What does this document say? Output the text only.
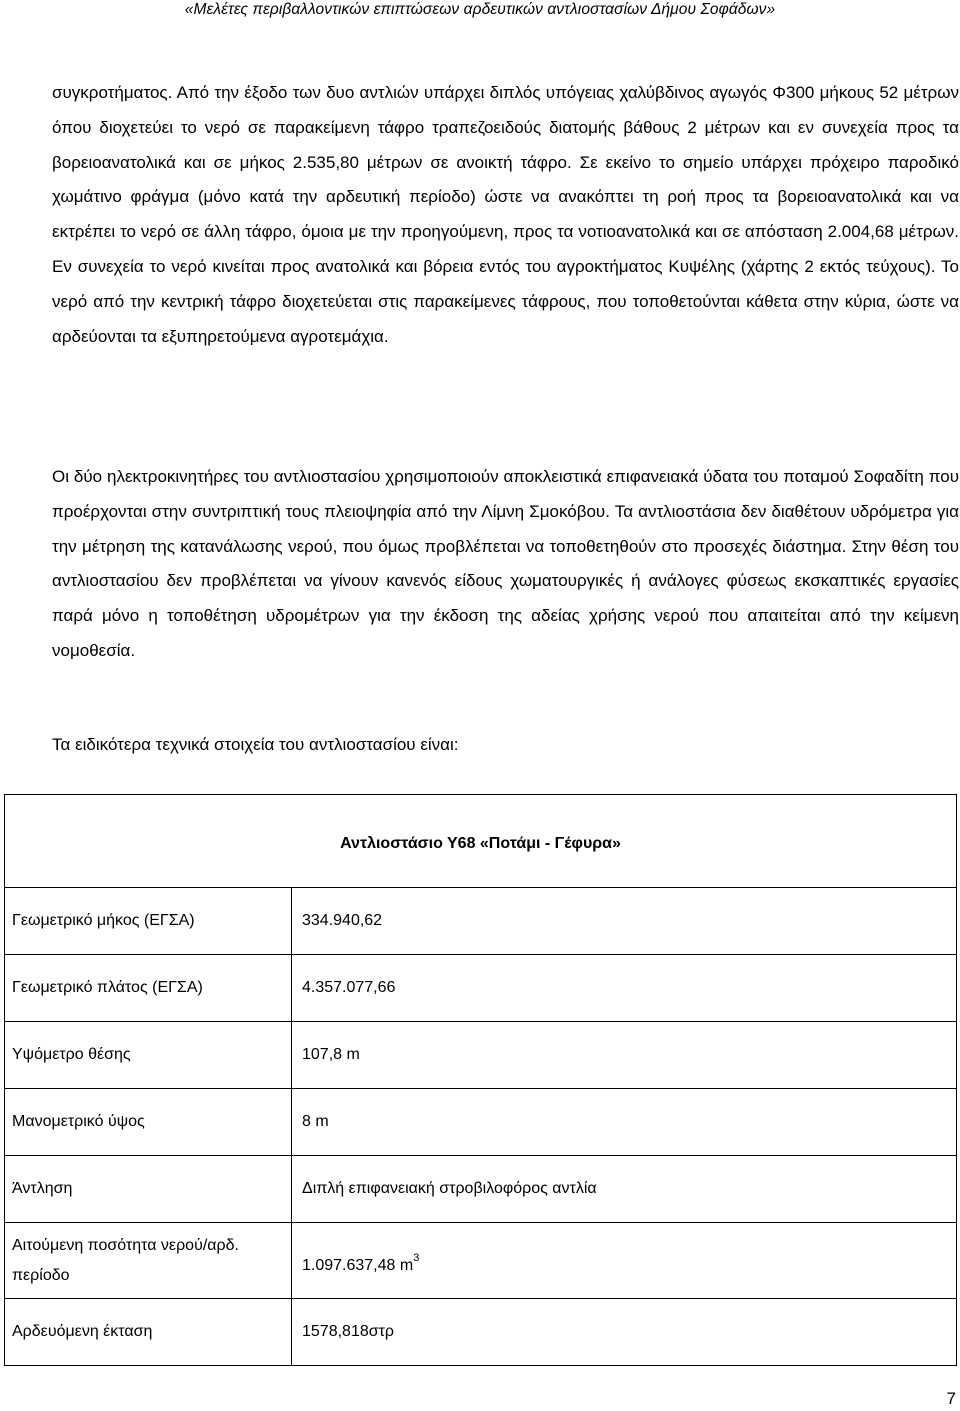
«Μελέτες περιβαλλοντικών επιπτώσεων αρδευτικών αντλιοστασίων Δήμου Σοφάδων»

συγκροτήματος. Από την έξοδο των δυο αντλιών υπάρχει διπλός υπόγειας χαλύβδινος αγωγός Φ300 μήκους 52 μέτρων όπου διοχετεύει το νερό σε παρακείμενη τάφρο τραπεζοειδούς διατομής βάθους 2 μέτρων και εν συνεχεία προς τα βορειοανατολικά και σε μήκος 2.535,80 μέτρων σε ανοικτή τάφρο. Σε εκείνο το σημείο υπάρχει πρόχειρο παροδικό χωμάτινο φράγμα (μόνο κατά την αρδευτική περίοδο) ώστε να ανακόπτει τη ροή προς τα βορειοανατολικά και να εκτρέπει το νερό σε άλλη τάφρο, όμοια με την προηγούμενη, προς τα νοτιοανατολικά και σε απόσταση 2.004,68 μέτρων. Εν συνεχεία το νερό κινείται προς ανατολικά και βόρεια εντός του αγροκτήματος Κυψέλης (χάρτης 2 εκτός τεύχους). Το νερό από την κεντρική τάφρο διοχετεύεται στις παρακείμενες τάφρους, που τοποθετούνται κάθετα στην κύρια, ώστε να αρδεύονται τα εξυπηρετούμενα αγροτεμάχια.

Οι δύο ηλεκτροκινητήρες του αντλιοστασίου χρησιμοποιούν αποκλειστικά επιφανειακά ύδατα του ποταμού Σοφαδίτη που προέρχονται στην συντριπτική τους πλειοψηφία από την Λίμνη Σμοκόβου. Τα αντλιοστάσια δεν διαθέτουν υδρόμετρα για την μέτρηση της κατανάλωσης νερού, που όμως προβλέπεται να τοποθετηθούν στο προσεχές διάστημα. Στην θέση του αντλιοστασίου δεν προβλέπεται να γίνουν κανενός είδους χωματουργικές ή ανάλογες φύσεως εκσκαπτικές εργασίες παρά μόνο η τοποθέτηση υδρομέτρων για την έκδοση της αδείας χρήσης νερού που απαιτείται από την κείμενη νομοθεσία.

Τα ειδικότερα τεχνικά στοιχεία του αντλιοστασίου είναι:

Αντλιοστάσιο Υ68 «Ποτάμι - Γέφυρα»	
Γεωμετρικό μήκος (ΕΓΣΑ)	334.940,62
Γεωμετρικό πλάτος (ΕΓΣΑ)	4.357.077,66
Υψόμετρο θέσης	107,8 m
Μανομετρικό ύψος	8 m
Άντληση	Διπλή επιφανειακή στροβιλοφόρος αντλία
Αιτούμενη ποσότητα νερού/αρδ.
περίοδο	1.097.637,48 $m^3$
Αρδευόμενη έκταση	1578,818στρ
7
